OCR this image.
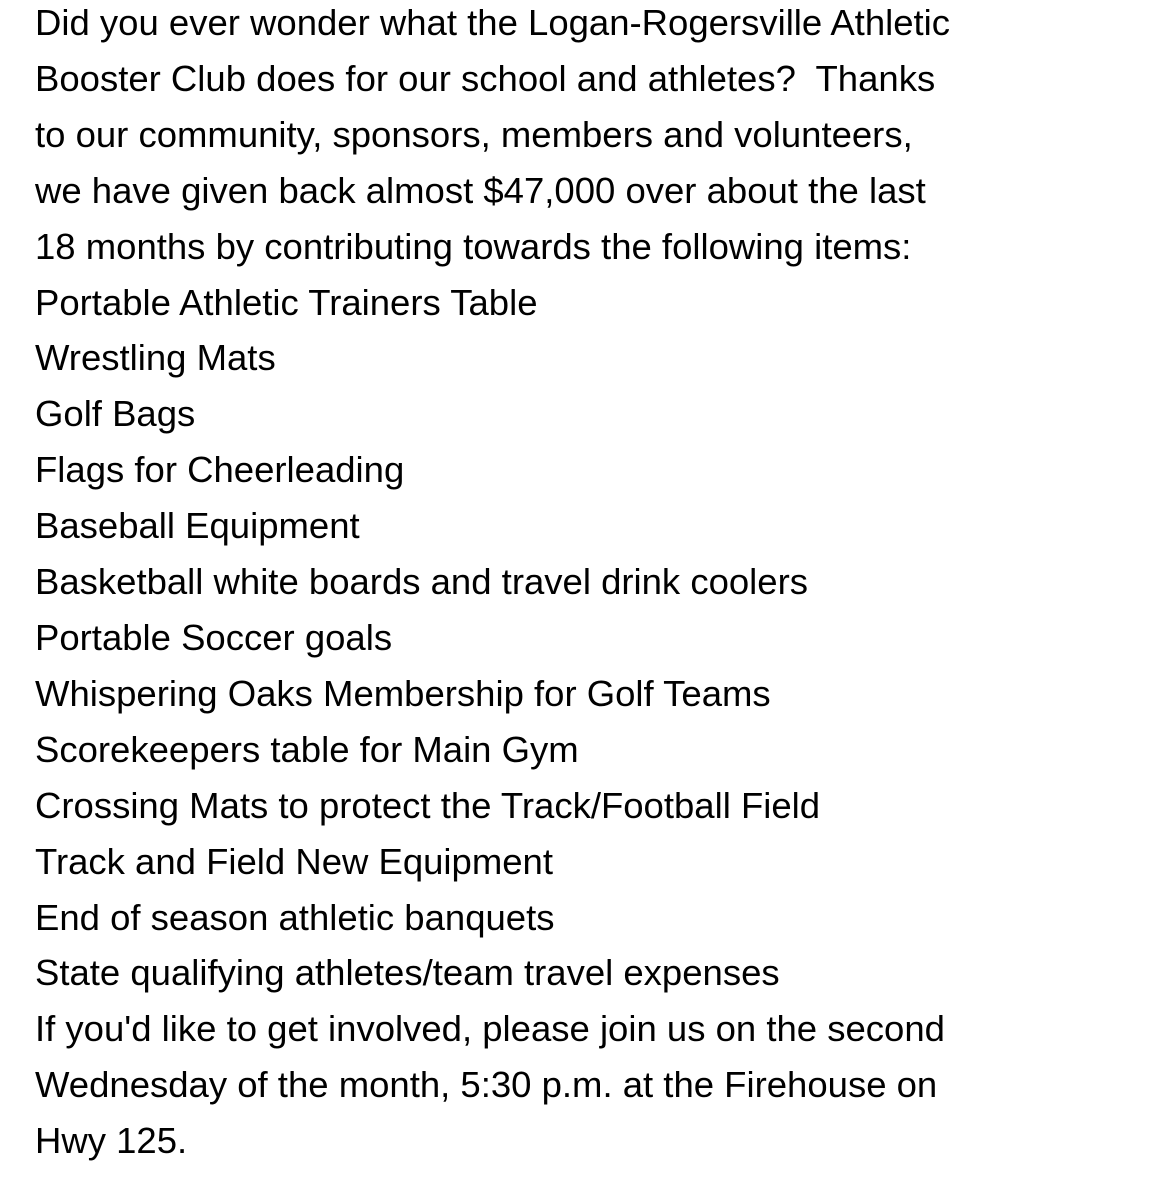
Did you ever wonder what the Logan-Rogersville Athletic
Booster Club does for our school and athletes?  Thanks
to our community, sponsors, members and volunteers,
we have given back almost $47,000 over about the last
18 months by contributing towards the following items:
Portable Athletic Trainers Table
Wrestling Mats
Golf Bags
Flags for Cheerleading
Baseball Equipment
Basketball white boards and travel drink coolers
Portable Soccer goals
Whispering Oaks Membership for Golf Teams
Scorekeepers table for Main Gym
Crossing Mats to protect the Track/Football Field
Track and Field New Equipment
End of season athletic banquets
State qualifying athletes/team travel expenses
If you'd like to get involved, please join us on the second
Wednesday of the month, 5:30 p.m. at the Firehouse on
Hwy 125.
